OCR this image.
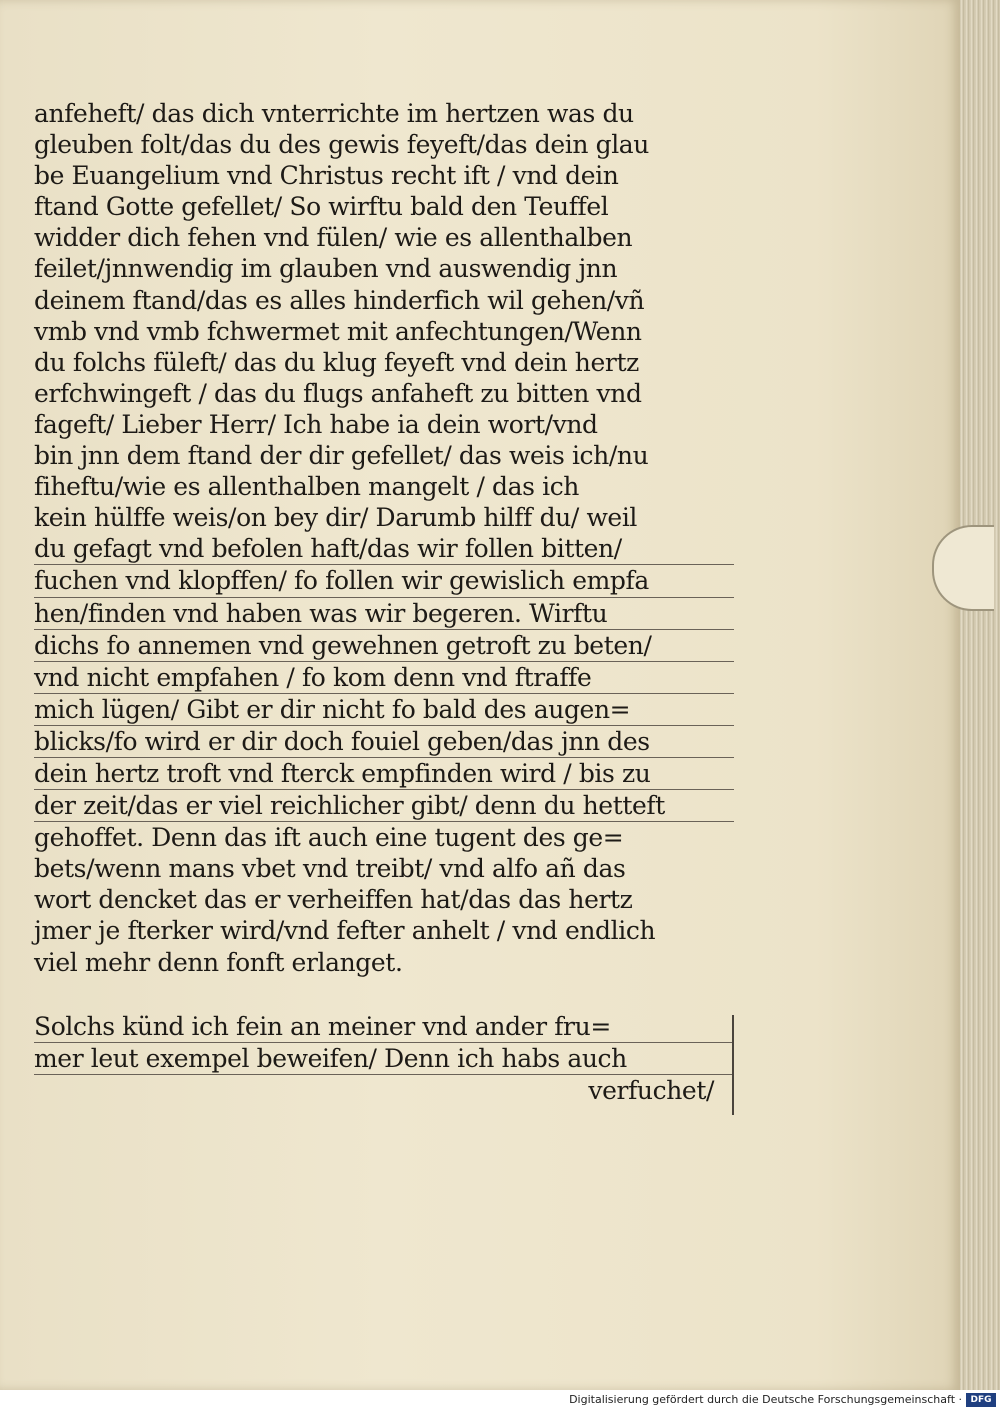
anfeheft/ das dich vnterrichte im hertzen was du
gleuben folt/das du des gewis feyeft/das dein glau
be Euangelium vnd Christus recht ift / vnd dein
ftand Gotte gefellet/ So wirftu bald den Teuffel
widder dich fehen vnd fülen/ wie es allenthalben
feilet/jnnwendig im glauben vnd auswendig jnn
deinem ftand/das es alles hinderfich wil gehen/vñ
vmb vnd vmb fchwermet mit anfechtungen/Wenn
du folchs füleft/ das du klug feyeft vnd dein hertz
erfchwingeft / das du flugs anfaheft zu bitten vnd
fageft/ Lieber Herr/ Ich habe ia dein wort/vnd
bin jnn dem ftand der dir gefellet/ das weis ich/nu
fiheftu/wie es allenthalben mangelt / das ich
kein hülffe weis/on bey dir/ Darumb hilff du/ weil
du gefagt vnd befolen haft/das wir follen bitten/
fuchen vnd klopffen/ fo follen wir gewislich empfa
hen/finden vnd haben was wir begeren. Wirftu
dichs fo annemen vnd gewehnen getroft zu beten/
vnd nicht empfahen / fo kom denn vnd ftraffe
mich lügen/ Gibt er dir nicht fo bald des augen=
blicks/fo wird er dir doch fouiel geben/das jnn des
dein hertz troft vnd fterck empfinden wird / bis zu
der zeit/das er viel reichlicher gibt/ denn du hetteft
gehoffet. Denn das ift auch eine tugent des ge=
bets/wenn mans vbet vnd treibt/ vnd alfo añ das
wort dencket das er verheiffen hat/das das hertz
jmer je fterker wird/vnd fefter anhelt / vnd endlich
viel mehr denn fonft erlanget.
Solchs künd ich fein an meiner vnd ander fru=
mer leut exempel beweifen/ Denn ich habs auch
verfuchet/
Digitalisierung gefördert durch die Deutsche Forschungsgemeinschaft · DFG
